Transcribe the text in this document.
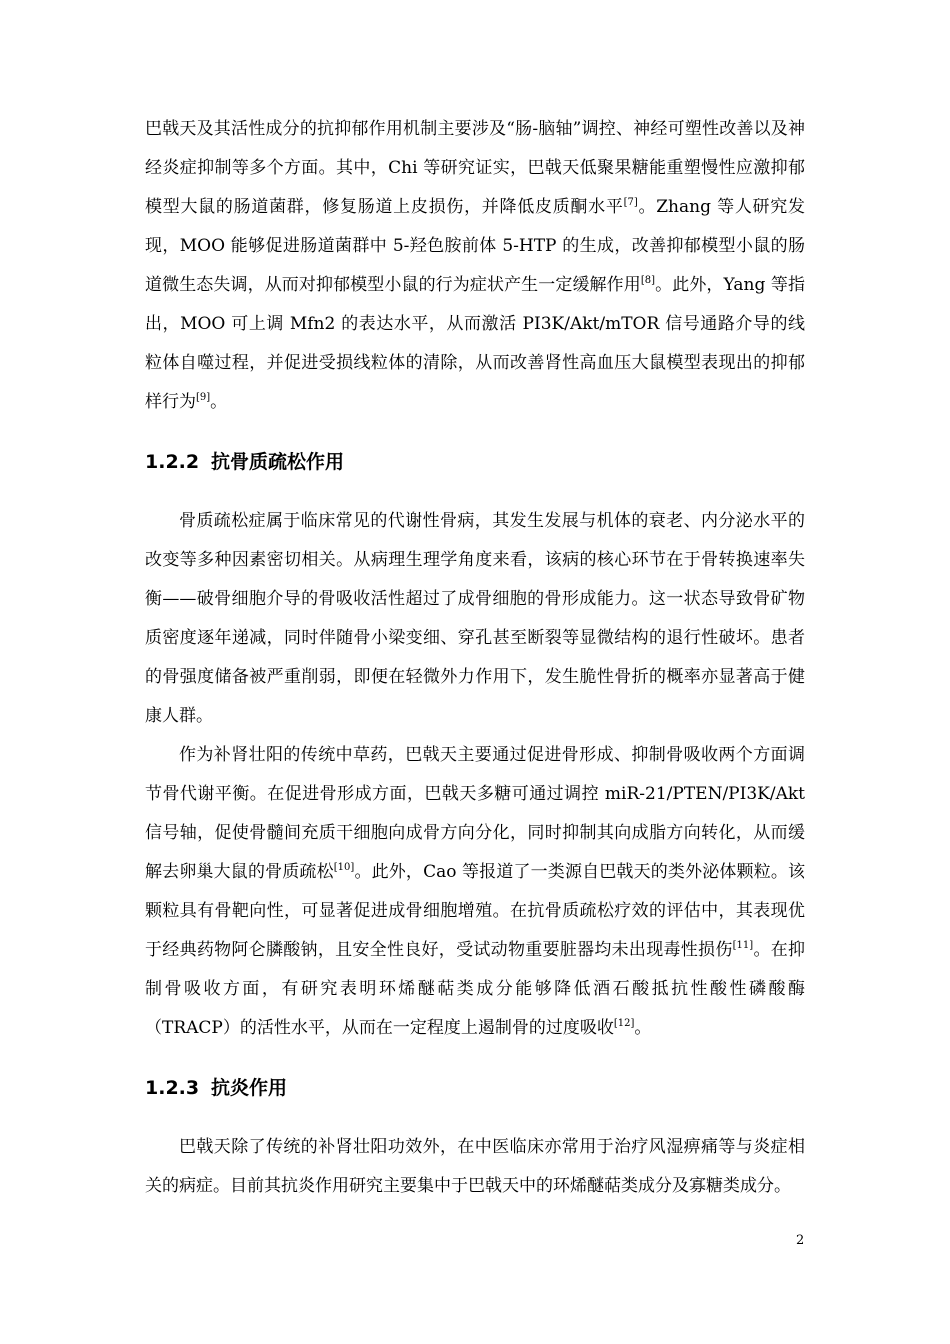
巴戟天及其活性成分的抗抑郁作用机制主要涉及“肠-脑轴”调控、神经可塑性改善以及神经炎症抑制等多个方面。其中，Chi 等研究证实，巴戟天低聚果糖能重塑慢性应激抑郁模型大鼠的肠道菌群，修复肠道上皮损伤，并降低皮质酮水平[7]。Zhang 等人研究发现，MOO 能够促进肠道菌群中 5-羟色胺前体 5-HTP 的生成，改善抑郁模型小鼠的肠道微生态失调，从而对抑郁模型小鼠的行为症状产生一定缓解作用[8]。此外，Yang 等指出，MOO 可上调 Mfn2 的表达水平，从而激活 PI3K/Akt/mTOR 信号通路介导的线粒体自噬过程，并促进受损线粒体的清除，从而改善肾性高血压大鼠模型表现出的抑郁样行为[9]。

1.2.2 抗骨质疏松作用

骨质疏松症属于临床常见的代谢性骨病，其发生发展与机体的衰老、内分泌水平的改变等多种因素密切相关。从病理生理学角度来看，该病的核心环节在于骨转换速率失衡——破骨细胞介导的骨吸收活性超过了成骨细胞的骨形成能力。这一状态导致骨矿物质密度逐年递减，同时伴随骨小梁变细、穿孔甚至断裂等显微结构的退行性破坏。患者的骨强度储备被严重削弱，即便在轻微外力作用下，发生脆性骨折的概率亦显著高于健康人群。

作为补肾壮阳的传统中草药，巴戟天主要通过促进骨形成、抑制骨吸收两个方面调节骨代谢平衡。在促进骨形成方面，巴戟天多糖可通过调控 miR-21/PTEN/PI3K/Akt 信号轴，促使骨髓间充质干细胞向成骨方向分化，同时抑制其向成脂方向转化，从而缓解去卵巢大鼠的骨质疏松[10]。此外，Cao 等报道了一类源自巴戟天的类外泌体颗粒。该颗粒具有骨靶向性，可显著促进成骨细胞增殖。在抗骨质疏松疗效的评估中，其表现优于经典药物阿仑膦酸钠，且安全性良好，受试动物重要脏器均未出现毒性损伤[11]。在抑制骨吸收方面，有研究表明环烯醚萜类成分能够降低酒石酸抵抗性酸性磷酸酶（TRACP）的活性水平，从而在一定程度上遏制骨的过度吸收[12]。

1.2.3 抗炎作用

巴戟天除了传统的补肾壮阳功效外，在中医临床亦常用于治疗风湿痹痛等与炎症相关的病症。目前其抗炎作用研究主要集中于巴戟天中的环烯醚萜类成分及寡糖类成分。

2
